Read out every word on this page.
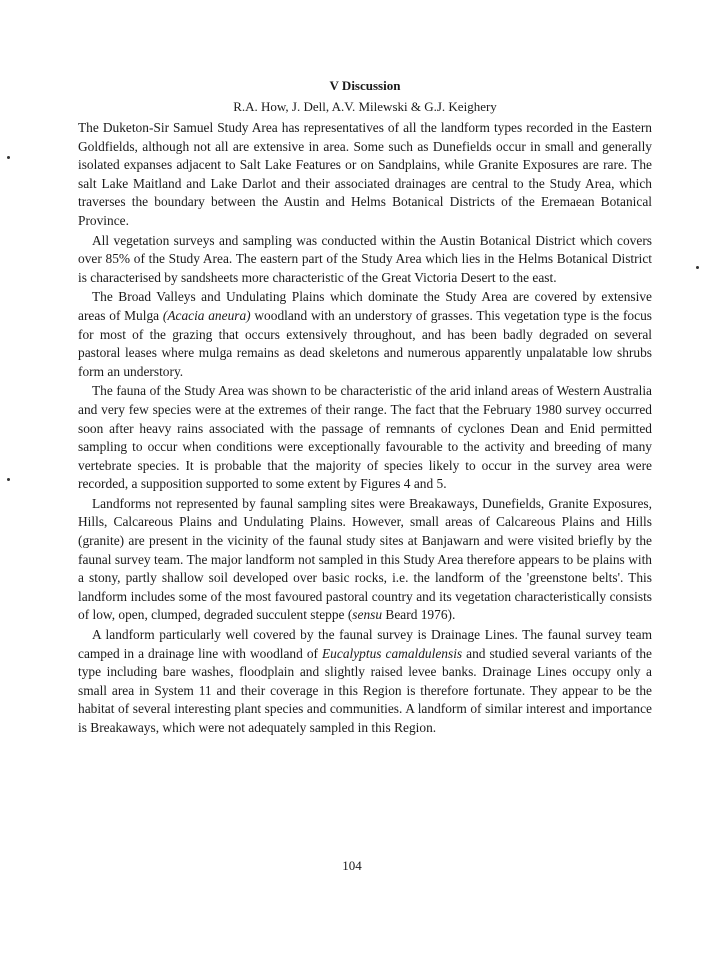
V Discussion
R.A. How, J. Dell, A.V. Milewski & G.J. Keighery

The Duketon-Sir Samuel Study Area has representatives of all the landform types recorded in the Eastern Goldfields, although not all are extensive in area. Some such as Dunefields occur in small and generally isolated expanses adjacent to Salt Lake Features or on Sandplains, while Granite Exposures are rare. The salt Lake Maitland and Lake Darlot and their associated drainages are central to the Study Area, which traverses the boundary between the Austin and Helms Botanical Districts of the Eremaean Botanical Province.

All vegetation surveys and sampling was conducted within the Austin Botanical District which covers over 85% of the Study Area. The eastern part of the Study Area which lies in the Helms Botanical District is characterised by sandsheets more characteristic of the Great Victoria Desert to the east.

The Broad Valleys and Undulating Plains which dominate the Study Area are covered by extensive areas of Mulga (Acacia aneura) woodland with an understory of grasses. This vegetation type is the focus for most of the grazing that occurs extensively throughout, and has been badly degraded on several pastoral leases where mulga remains as dead skeletons and numerous apparently unpalatable low shrubs form an understory.

The fauna of the Study Area was shown to be characteristic of the arid inland areas of Western Australia and very few species were at the extremes of their range. The fact that the February 1980 survey occurred soon after heavy rains associated with the passage of remnants of cyclones Dean and Enid permitted sampling to occur when conditions were exceptionally favourable to the activity and breeding of many vertebrate species. It is probable that the majority of species likely to occur in the survey area were recorded, a supposition supported to some extent by Figures 4 and 5.

Landforms not represented by faunal sampling sites were Breakaways, Dunefields, Granite Exposures, Hills, Calcareous Plains and Undulating Plains. However, small areas of Calcareous Plains and Hills (granite) are present in the vicinity of the faunal study sites at Banjawarn and were visited briefly by the faunal survey team. The major landform not sampled in this Study Area therefore appears to be plains with a stony, partly shallow soil developed over basic rocks, i.e. the landform of the 'greenstone belts'. This landform includes some of the most favoured pastoral country and its vegetation characteristically consists of low, open, clumped, degraded succulent steppe (sensu Beard 1976).

A landform particularly well covered by the faunal survey is Drainage Lines. The faunal survey team camped in a drainage line with woodland of Eucalyptus camaldulensis and studied several variants of the type including bare washes, floodplain and slightly raised levee banks. Drainage Lines occupy only a small area in System 11 and their coverage in this Region is therefore fortunate. They appear to be the habitat of several interesting plant species and communities. A landform of similar interest and importance is Breakaways, which were not adequately sampled in this Region.

104
